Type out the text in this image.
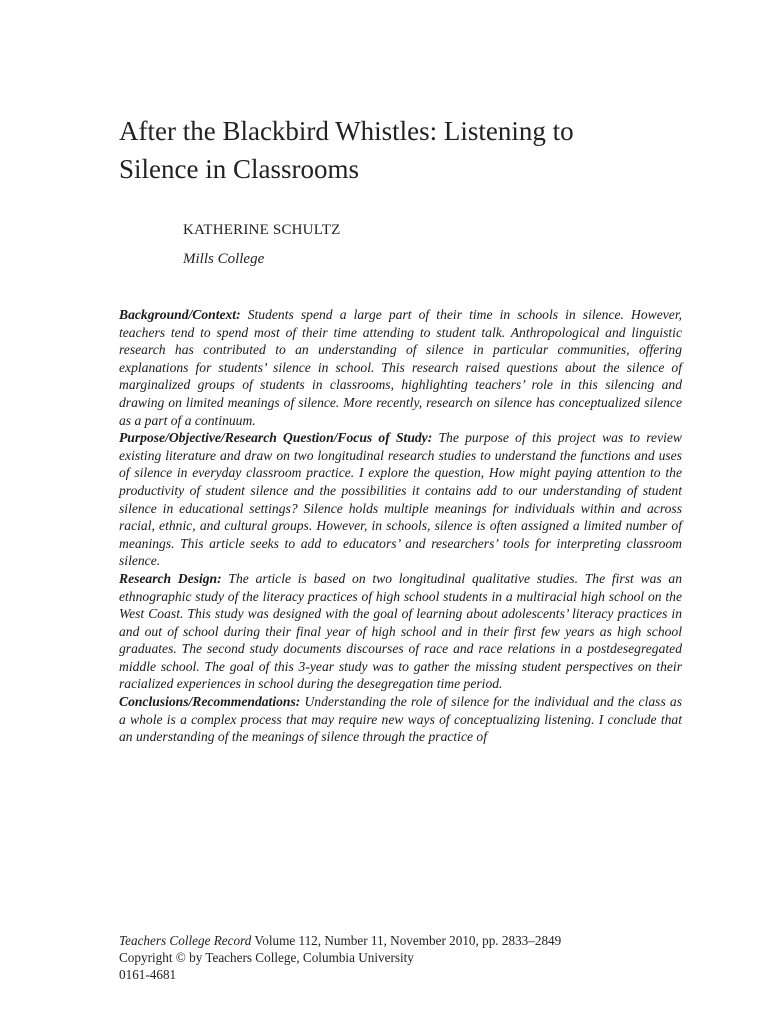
After the Blackbird Whistles: Listening to
Silence in Classrooms

KATHERINE SCHULTZ

Mills College

Background/Context: Students spend a large part of their time in schools in silence. However, teachers tend to spend most of their time attending to student talk. Anthropological and linguistic research has contributed to an understanding of silence in particular communities, offering explanations for students’ silence in school. This research raised questions about the silence of marginalized groups of students in classrooms, highlighting teachers’ role in this silencing and drawing on limited meanings of silence. More recently, research on silence has conceptualized silence as a part of a continuum.

Purpose/Objective/Research Question/Focus of Study: The purpose of this project was to review existing literature and draw on two longitudinal research studies to understand the functions and uses of silence in everyday classroom practice. I explore the question, How might paying attention to the productivity of student silence and the possibilities it contains add to our understanding of student silence in educational settings? Silence holds multiple meanings for individuals within and across racial, ethnic, and cultural groups. However, in schools, silence is often assigned a limited number of meanings. This article seeks to add to educators’ and researchers’ tools for interpreting classroom silence.

Research Design: The article is based on two longitudinal qualitative studies. The first was an ethnographic study of the literacy practices of high school students in a multiracial high school on the West Coast. This study was designed with the goal of learning about adolescents’ literacy practices in and out of school during their final year of high school and in their first few years as high school graduates. The second study documents discourses of race and race relations in a postdesegregated middle school. The goal of this 3-year study was to gather the missing student perspectives on their racialized experiences in school during the desegregation time period.

Conclusions/Recommendations: Understanding the role of silence for the individual and the class as a whole is a complex process that may require new ways of conceptualizing listening. I conclude that an understanding of the meanings of silence through the practice of

Teachers College Record Volume 112, Number 11, November 2010, pp. 2833–2849
Copyright © by Teachers College, Columbia University
0161-4681
